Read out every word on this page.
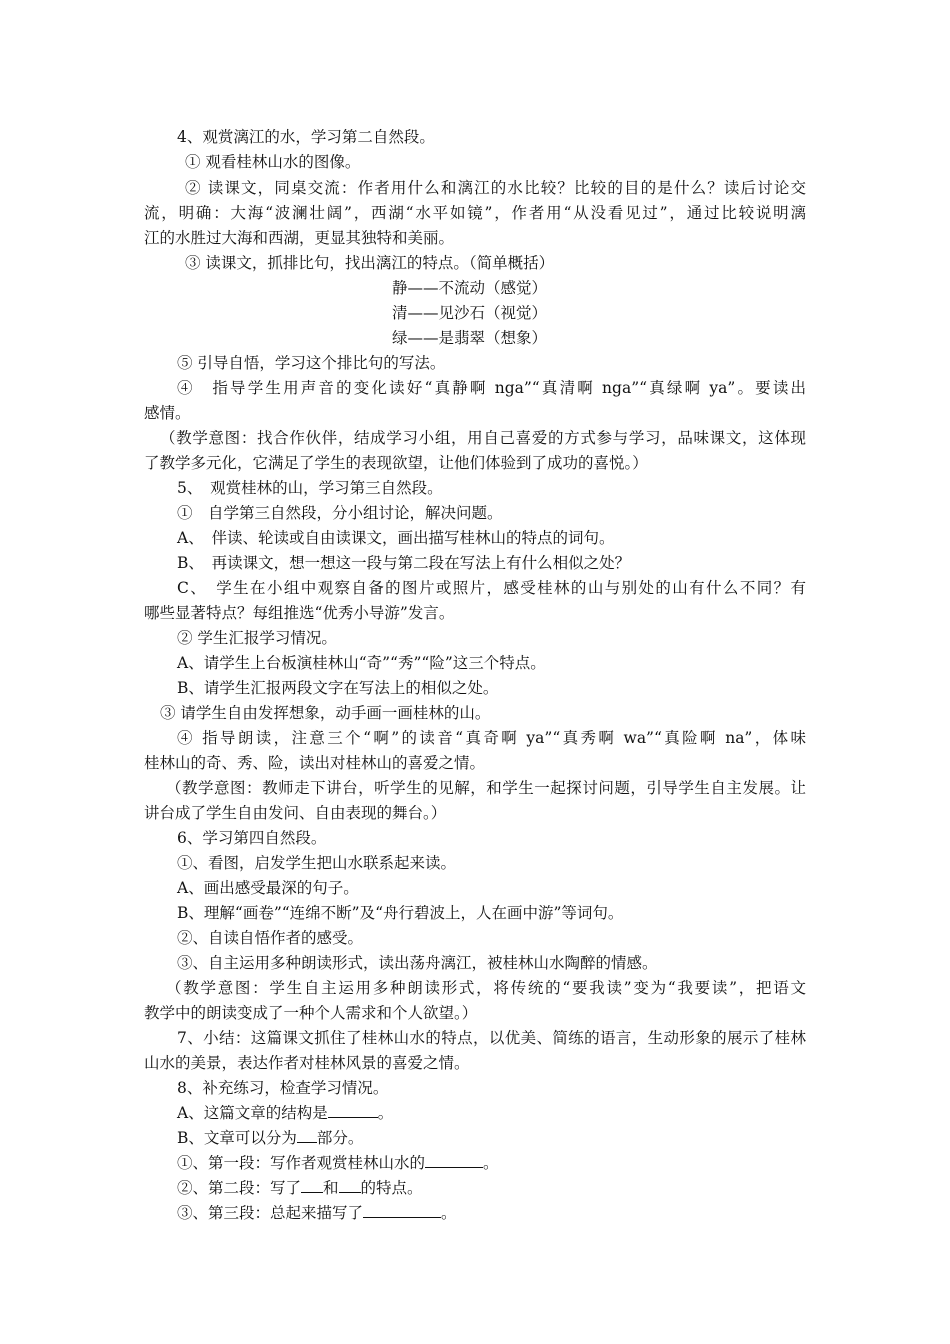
4、观赏漓江的水，学习第二自然段。
① 观看桂林山水的图像。
② 读课文，同桌交流：作者用什么和漓江的水比较？比较的目的是什么？读后讨论交
流，明确：大海“波澜壮阔”，西湖“水平如镜”，作者用“从没看见过”，通过比较说明漓
江的水胜过大海和西湖，更显其独特和美丽。
③ 读课文，抓排比句，找出漓江的特点。（简单概括）
静——不流动（感觉）
清——见沙石（视觉）
绿——是翡翠（想象）
⑤ 引导自悟，学习这个排比句的写法。
④　指导学生用声音的变化读好“真静啊 nga”“真清啊 nga”“真绿啊 ya”。要读出
感情。
（教学意图：找合作伙伴，结成学习小组，用自己喜爱的方式参与学习，品味课文，这体现
了教学多元化，它满足了学生的表现欲望，让他们体验到了成功的喜悦。）
5、　观赏桂林的山，学习第三自然段。
①　自学第三自然段，分小组讨论，解决问题。
A、　伴读、轮读或自由读课文，画出描写桂林山的特点的词句。
B、　再读课文，想一想这一段与第二段在写法上有什么相似之处？
C、　学生在小组中观察自备的图片或照片，感受桂林的山与别处的山有什么不同？有
哪些显著特点？每组推选“优秀小导游”发言。
② 学生汇报学习情况。
A、请学生上台板演桂林山“奇”“秀”“险”这三个特点。
B、请学生汇报两段文字在写法上的相似之处。
③ 请学生自由发挥想象，动手画一画桂林的山。
④ 指导朗读，注意三个“啊”的读音“真奇啊 ya”“真秀啊 wa”“真险啊 na”，体味
桂林山的奇、秀、险，读出对桂林山的喜爱之情。
（教学意图：教师走下讲台，听学生的见解，和学生一起探讨问题，引导学生自主发展。让
讲台成了学生自由发问、自由表现的舞台。）
6、学习第四自然段。
①、看图，启发学生把山水联系起来读。
A、画出感受最深的句子。
B、理解“画卷”“连绵不断”及“舟行碧波上，人在画中游”等词句。
②、自读自悟作者的感受。
③、自主运用多种朗读形式，读出荡舟漓江，被桂林山水陶醉的情感。
（教学意图：学生自主运用多种朗读形式，将传统的“要我读”变为“我要读”，把语文
教学中的朗读变成了一种个人需求和个人欲望。）
7、小结：这篇课文抓住了桂林山水的特点，以优美、简练的语言，生动形象的展示了桂林
山水的美景，表达作者对桂林风景的喜爱之情。
8、补充练习，检查学习情况。
A、这篇文章的结构是	。
B、文章可以分为 部分。
①、第一段：写作者观赏桂林山水的	。
②、第二段：写了 和 的特点。
③、第三段：总起来描写了	。
